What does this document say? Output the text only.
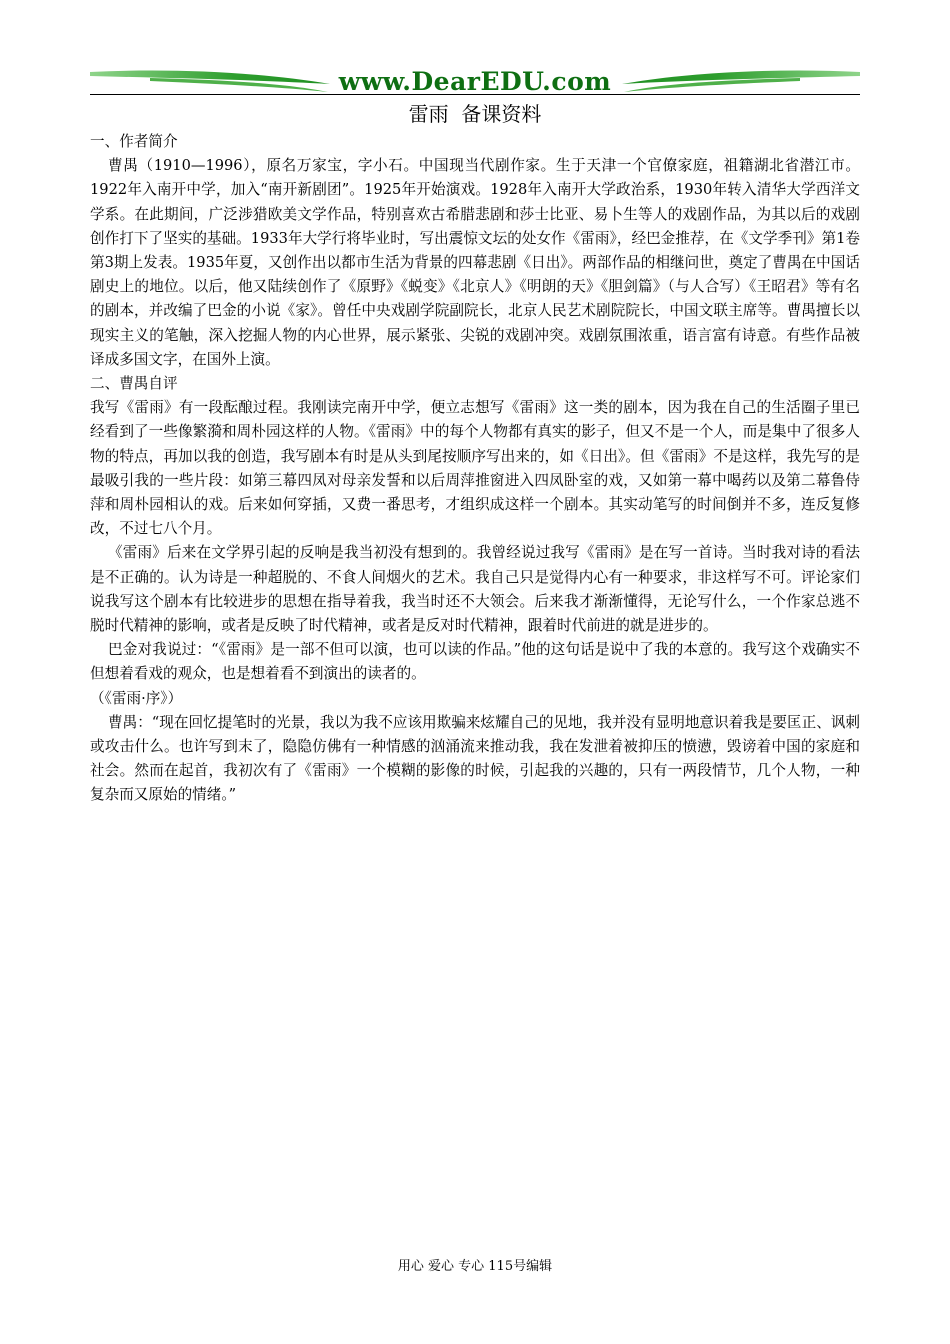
www.DearEDU.com
雷雨  备课资料

一、作者简介

曹禺（1910—1996），原名万家宝，字小石。中国现当代剧作家。生于天津一个官僚家庭，祖籍湖北省潜江市。1922年入南开中学，加入“南开新剧团”。1925年开始演戏。1928年入南开大学政治系，1930年转入清华大学西洋文学系。在此期间，广泛涉猎欧美文学作品，特别喜欢古希腊悲剧和莎士比亚、易卜生等人的戏剧作品，为其以后的戏剧创作打下了坚实的基础。1933年大学行将毕业时，写出震惊文坛的处女作《雷雨》，经巴金推荐，在《文学季刊》第1卷第3期上发表。1935年夏，又创作出以都市生活为背景的四幕悲剧《日出》。两部作品的相继问世，奠定了曹禺在中国话剧史上的地位。以后，他又陆续创作了《原野》《蜕变》《北京人》《明朗的天》《胆剑篇》（与人合写）《王昭君》等有名的剧本，并改编了巴金的小说《家》。曾任中央戏剧学院副院长，北京人民艺术剧院院长，中国文联主席等。曹禺擅长以现实主义的笔触，深入挖掘人物的内心世界，展示紧张、尖锐的戏剧冲突。戏剧氛围浓重，语言富有诗意。有些作品被译成多国文字，在国外上演。

二、曹禺自评

我写《雷雨》有一段酝酿过程。我刚读完南开中学，便立志想写《雷雨》这一类的剧本，因为我在自己的生活圈子里已经看到了一些像繁漪和周朴园这样的人物。《雷雨》中的每个人物都有真实的影子，但又不是一个人，而是集中了很多人物的特点，再加以我的创造，我写剧本有时是从头到尾按顺序写出来的，如《日出》。但《雷雨》不是这样，我先写的是最吸引我的一些片段：如第三幕四凤对母亲发誓和以后周萍推窗进入四凤卧室的戏，又如第一幕中喝药以及第二幕鲁侍萍和周朴园相认的戏。后来如何穿插，又费一番思考，才组织成这样一个剧本。其实动笔写的时间倒并不多，连反复修改，不过七八个月。

《雷雨》后来在文学界引起的反响是我当初没有想到的。我曾经说过我写《雷雨》是在写一首诗。当时我对诗的看法是不正确的。认为诗是一种超脱的、不食人间烟火的艺术。我自己只是觉得内心有一种要求，非这样写不可。评论家们说我写这个剧本有比较进步的思想在指导着我，我当时还不大领会。后来我才渐渐懂得，无论写什么，一个作家总逃不脱时代精神的影响，或者是反映了时代精神，或者是反对时代精神，跟着时代前进的就是进步的。

巴金对我说过：“《雷雨》是一部不但可以演，也可以读的作品。”他的这句话是说中了我的本意的。我写这个戏确实不但想着看戏的观众，也是想着看不到演出的读者的。

（《雷雨·序》）

曹禺：“现在回忆提笔时的光景，我以为我不应该用欺骗来炫耀自己的见地，我并没有显明地意识着我是要匡正、讽刺或攻击什么。也许写到末了，隐隐仿佛有一种情感的汹涌流来推动我，我在发泄着被抑压的愤懑，毁谤着中国的家庭和社会。然而在起首，我初次有了《雷雨》一个模糊的影像的时候，引起我的兴趣的，只有一两段情节，几个人物，一种复杂而又原始的情绪。”

用心 爱心 专心 115号编辑
